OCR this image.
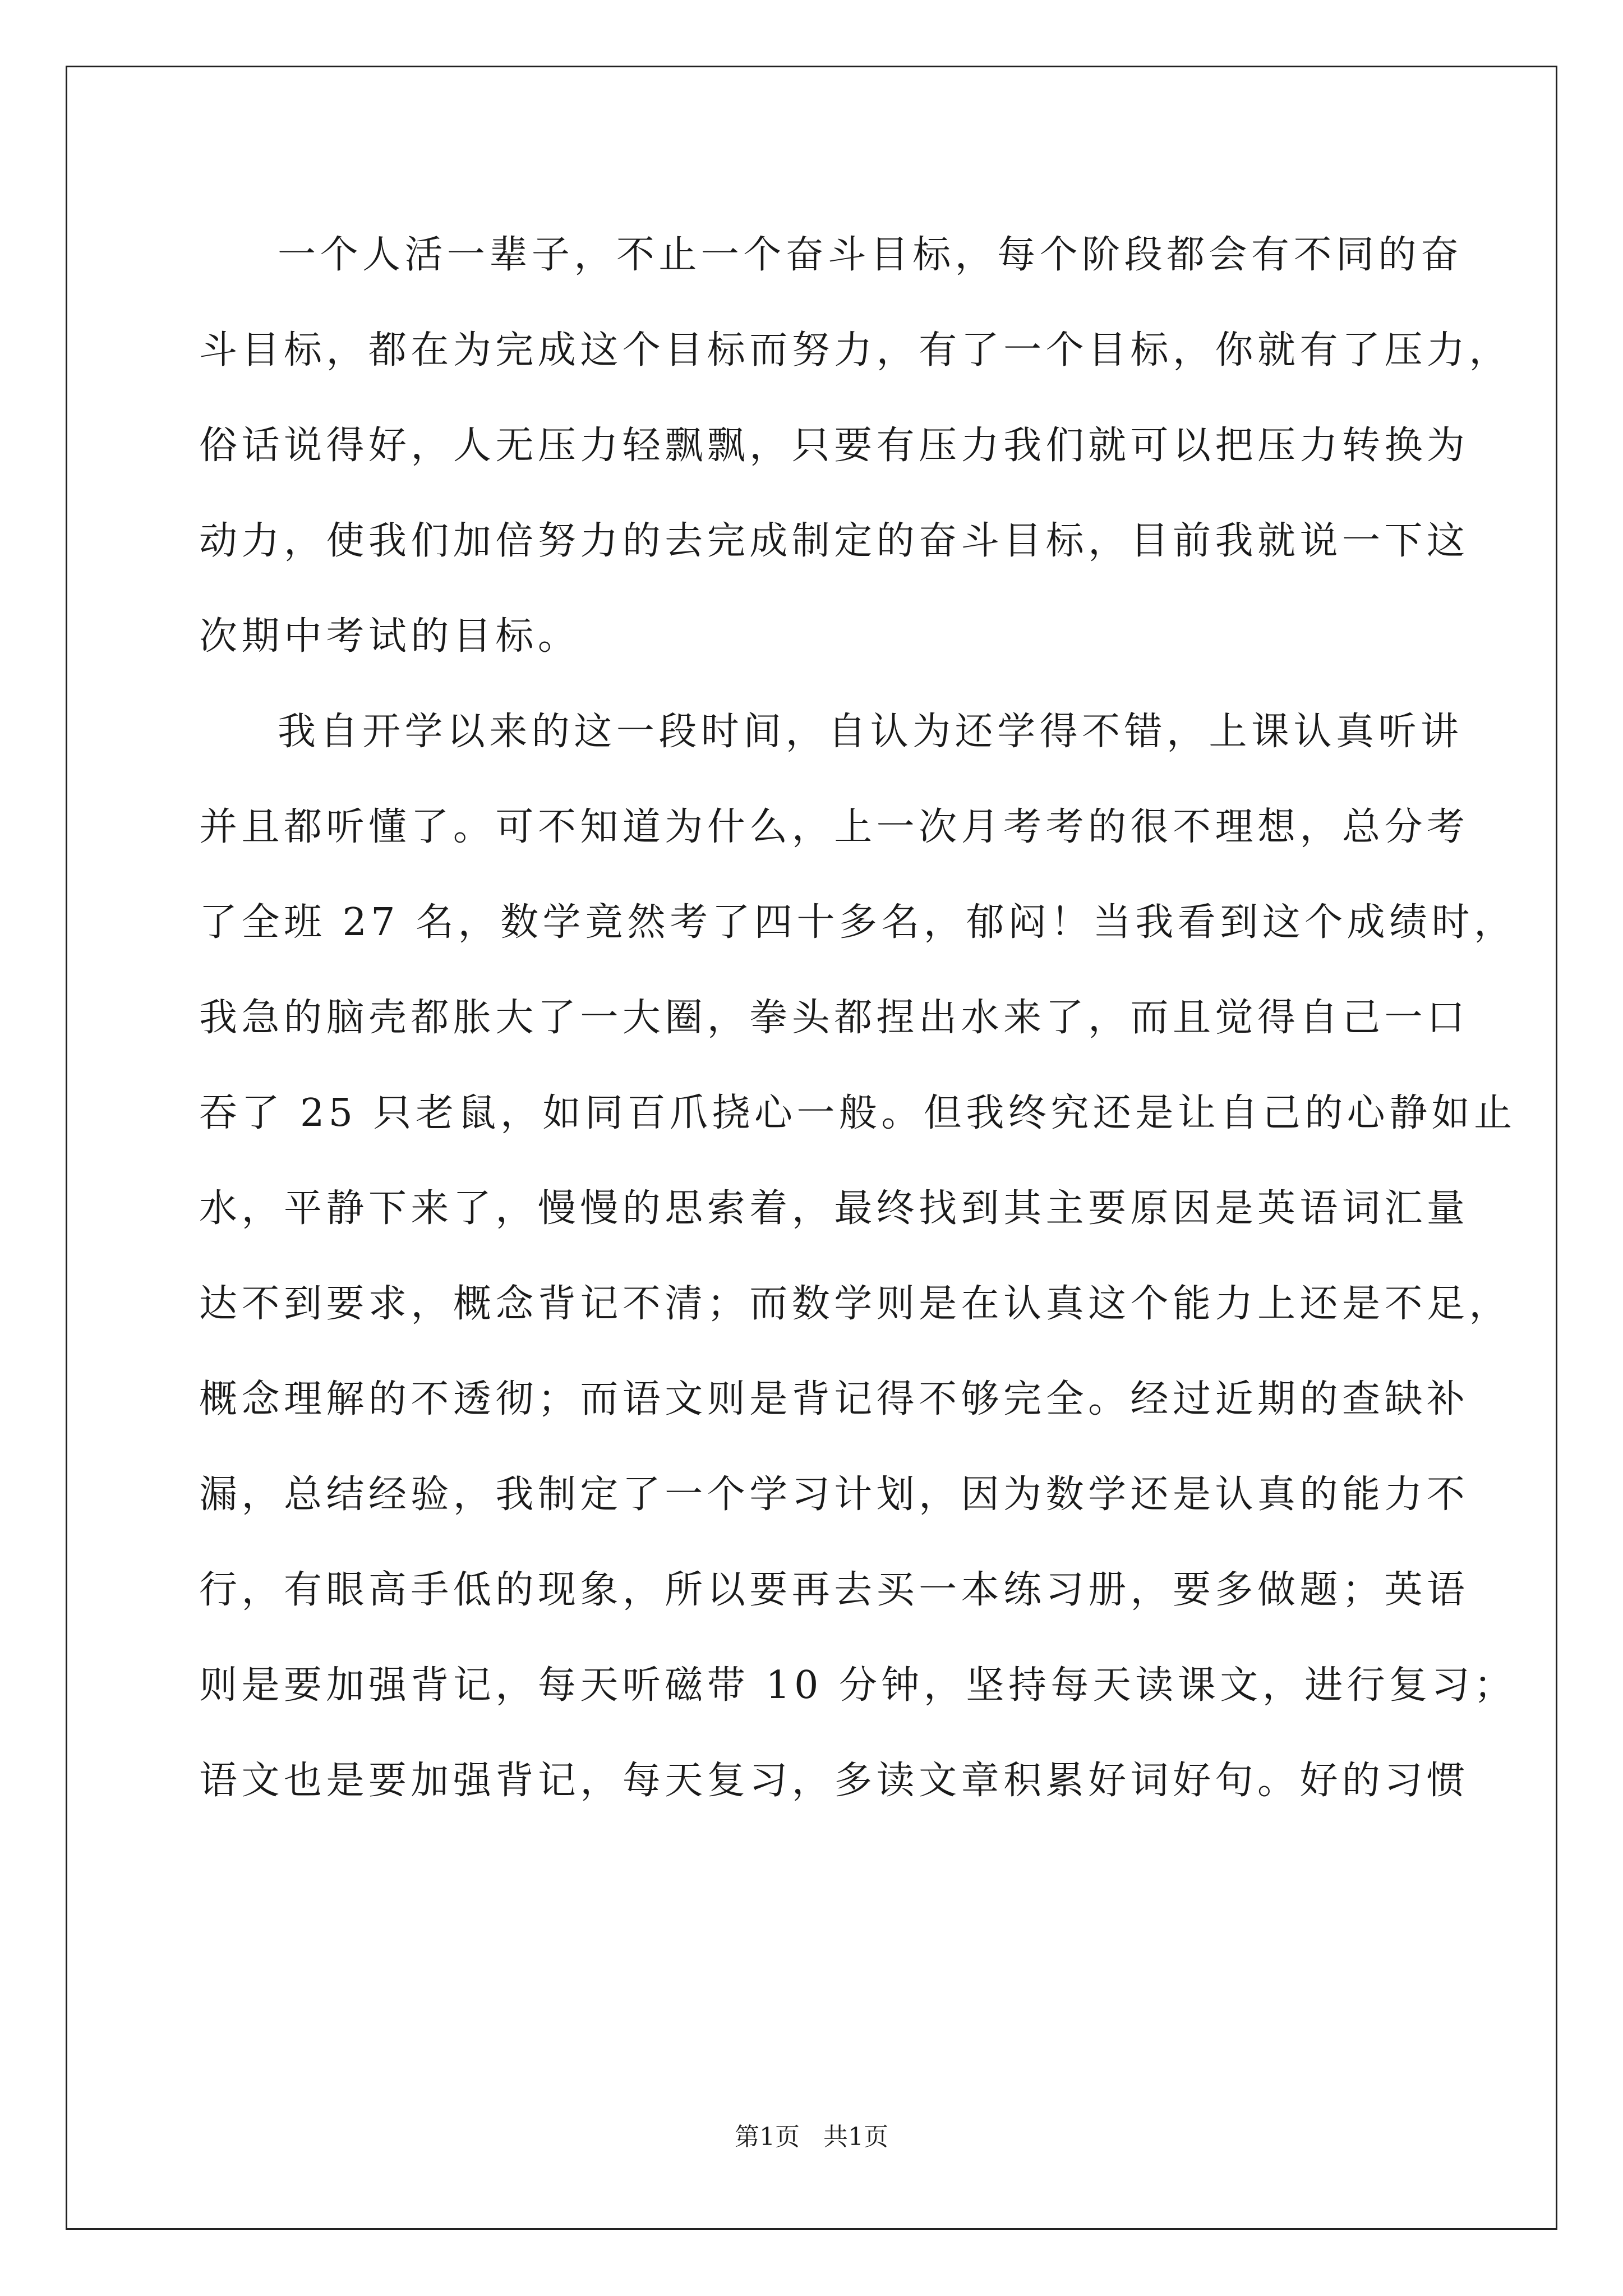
一个人活一辈子，不止一个奋斗目标，每个阶段都会有不同的奋
斗目标，都在为完成这个目标而努力，有了一个目标，你就有了压力，
俗话说得好，人无压力轻飘飘，只要有压力我们就可以把压力转换为
动力，使我们加倍努力的去完成制定的奋斗目标，目前我就说一下这
次期中考试的目标。
我自开学以来的这一段时间，自认为还学得不错，上课认真听讲
并且都听懂了。可不知道为什么，上一次月考考的很不理想，总分考
了全班 27 名，数学竟然考了四十多名，郁闷！当我看到这个成绩时，
我急的脑壳都胀大了一大圈，拳头都捏出水来了，而且觉得自己一口
吞了 25 只老鼠，如同百爪挠心一般。但我终究还是让自己的心静如止
水，平静下来了，慢慢的思索着，最终找到其主要原因是英语词汇量
达不到要求，概念背记不清；而数学则是在认真这个能力上还是不足，
概念理解的不透彻；而语文则是背记得不够完全。经过近期的查缺补
漏，总结经验，我制定了一个学习计划，因为数学还是认真的能力不
行，有眼高手低的现象，所以要再去买一本练习册，要多做题；英语
则是要加强背记，每天听磁带 10 分钟，坚持每天读课文，进行复习；
语文也是要加强背记，每天复习，多读文章积累好词好句。好的习惯
第1页   共1页
